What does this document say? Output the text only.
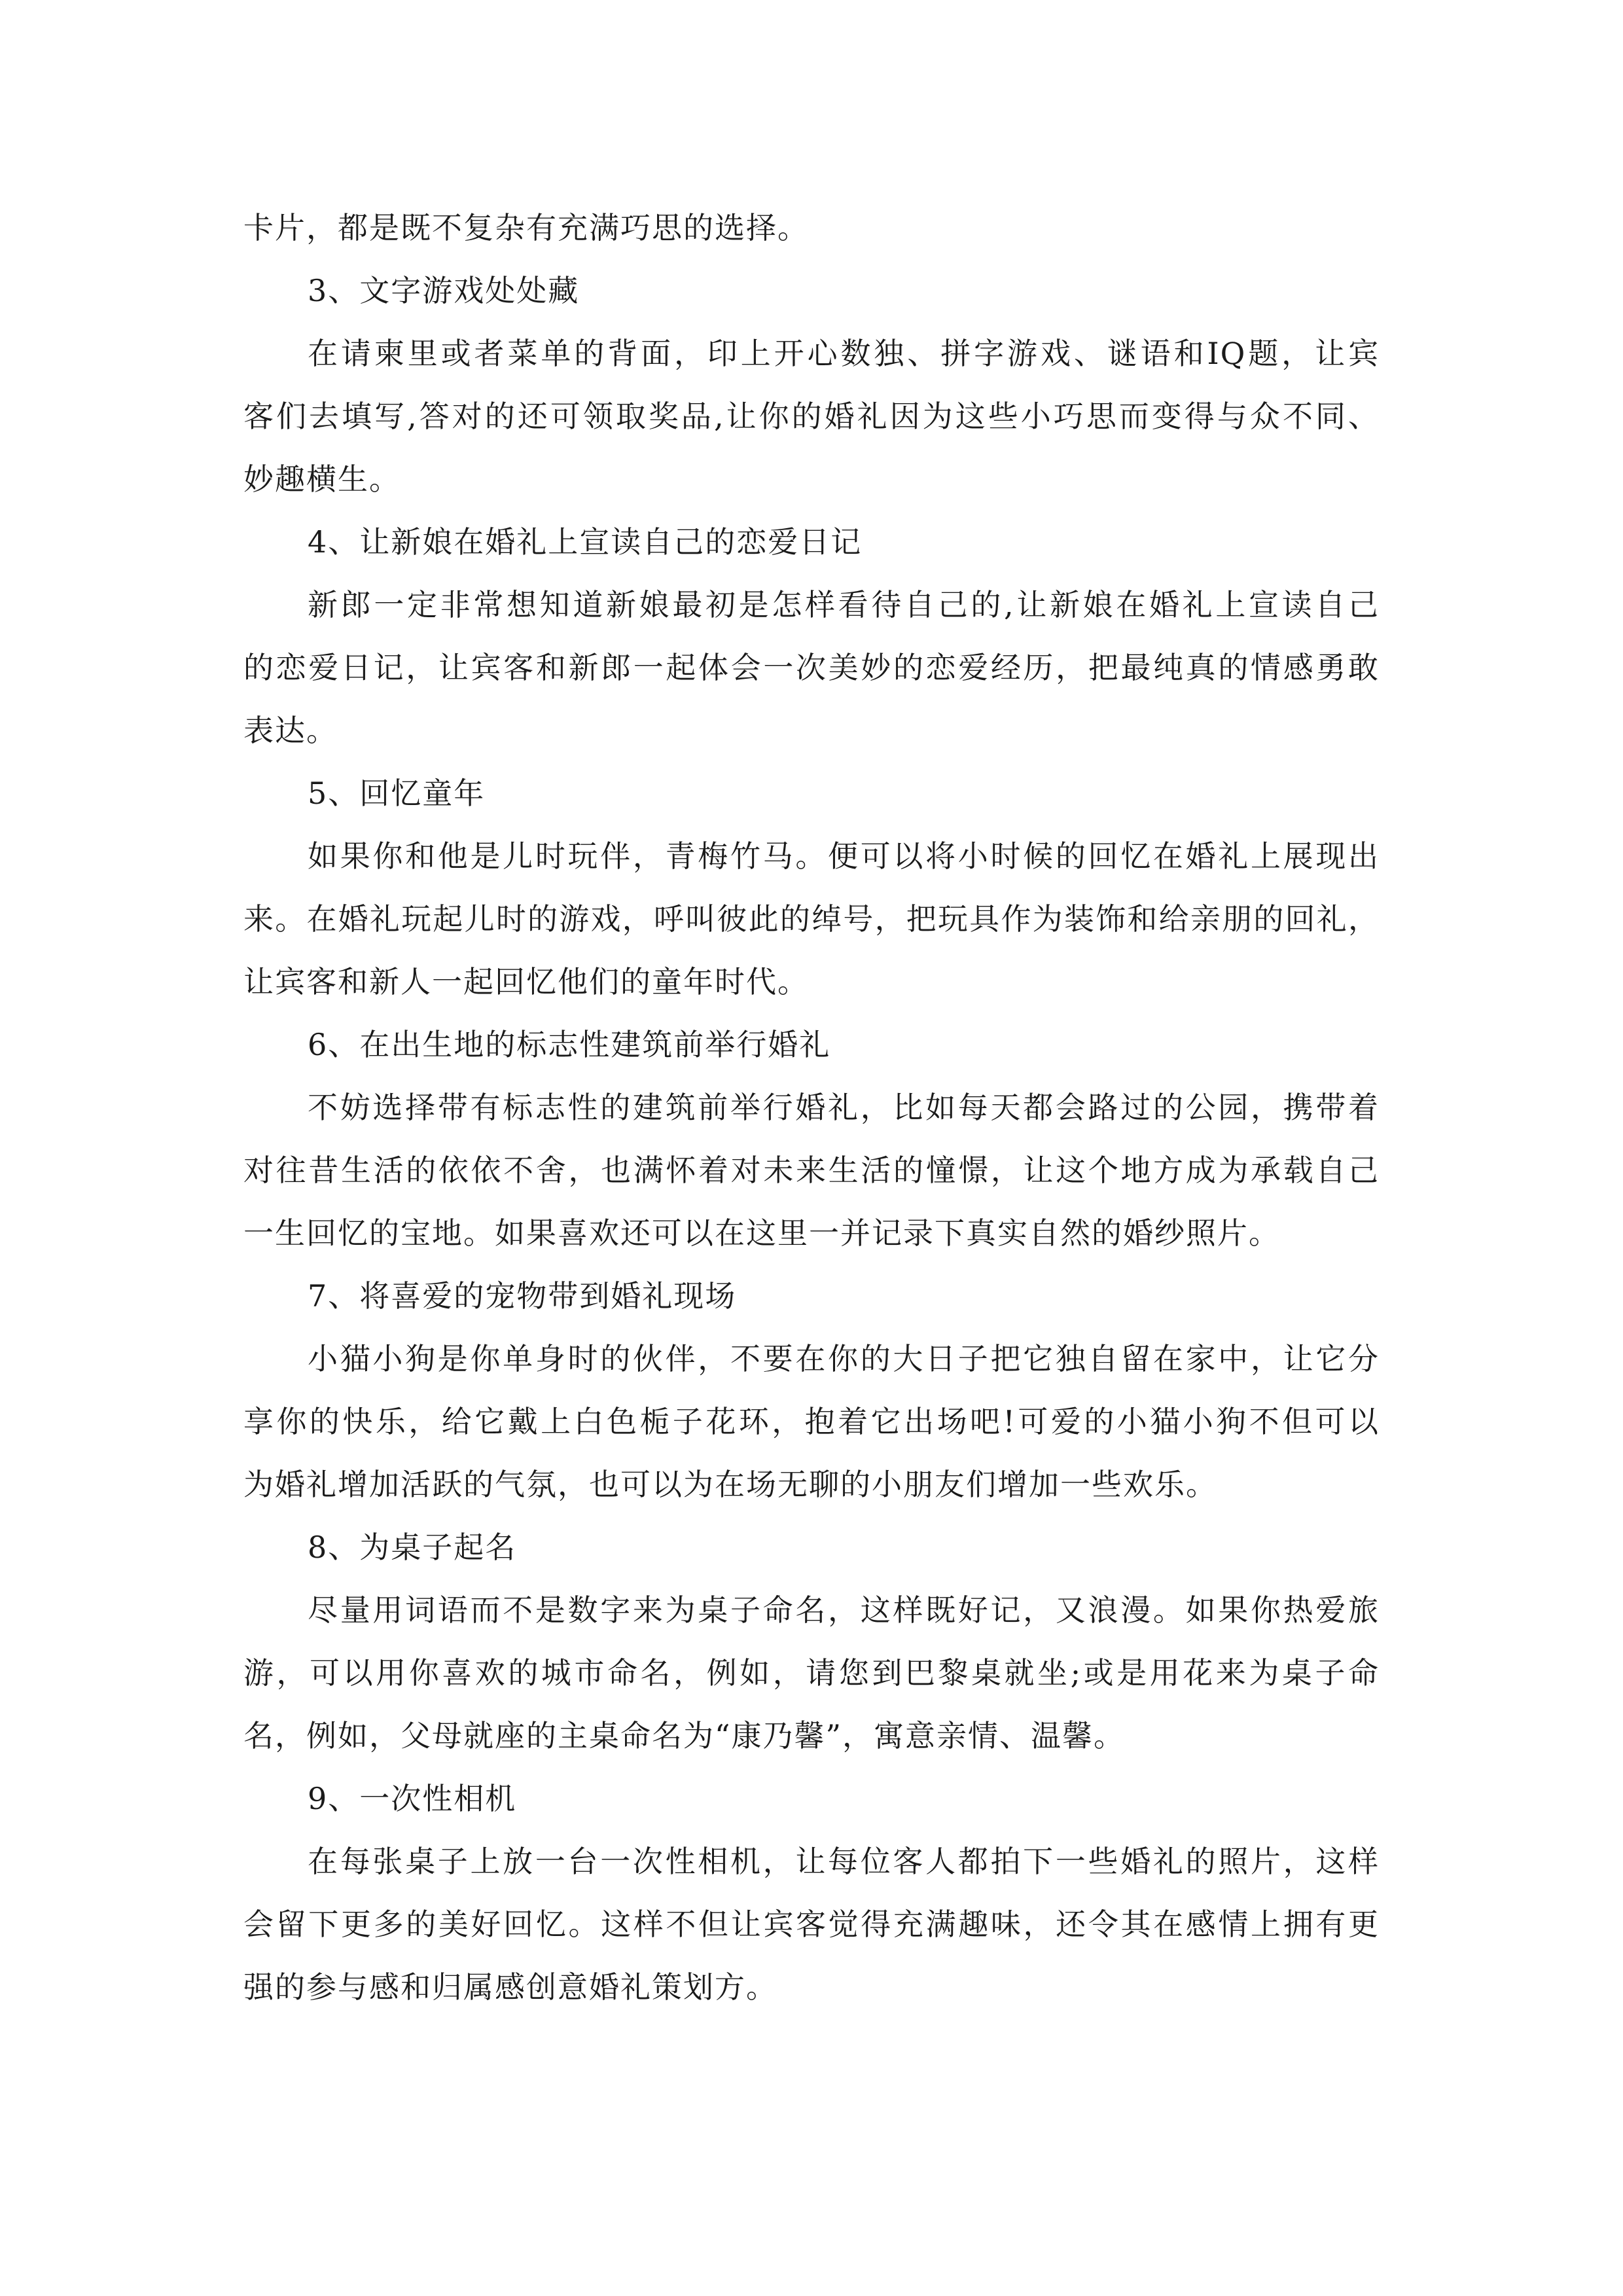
卡片，都是既不复杂有充满巧思的选择。
3、文字游戏处处藏
在请柬里或者菜单的背面，印上开心数独、拼字游戏、谜语和IQ题，让宾
客们去填写,答对的还可领取奖品,让你的婚礼因为这些小巧思而变得与众不同、
妙趣横生。
4、让新娘在婚礼上宣读自己的恋爱日记
新郎一定非常想知道新娘最初是怎样看待自己的,让新娘在婚礼上宣读自己
的恋爱日记，让宾客和新郎一起体会一次美妙的恋爱经历，把最纯真的情感勇敢
表达。
5、回忆童年
如果你和他是儿时玩伴，青梅竹马。便可以将小时候的回忆在婚礼上展现出
来。在婚礼玩起儿时的游戏，呼叫彼此的绰号，把玩具作为装饰和给亲朋的回礼，
让宾客和新人一起回忆他们的童年时代。
6、在出生地的标志性建筑前举行婚礼
不妨选择带有标志性的建筑前举行婚礼，比如每天都会路过的公园，携带着
对往昔生活的依依不舍，也满怀着对未来生活的憧憬，让这个地方成为承载自己
一生回忆的宝地。如果喜欢还可以在这里一并记录下真实自然的婚纱照片。
7、将喜爱的宠物带到婚礼现场
小猫小狗是你单身时的伙伴，不要在你的大日子把它独自留在家中，让它分
享你的快乐，给它戴上白色栀子花环，抱着它出场吧!可爱的小猫小狗不但可以
为婚礼增加活跃的气氛，也可以为在场无聊的小朋友们增加一些欢乐。
8、为桌子起名
尽量用词语而不是数字来为桌子命名，这样既好记，又浪漫。如果你热爱旅
游，可以用你喜欢的城市命名，例如，请您到巴黎桌就坐;或是用花来为桌子命
名，例如，父母就座的主桌命名为“康乃馨”，寓意亲情、温馨。
9、一次性相机
在每张桌子上放一台一次性相机，让每位客人都拍下一些婚礼的照片，这样
会留下更多的美好回忆。这样不但让宾客觉得充满趣味，还令其在感情上拥有更
强的参与感和归属感创意婚礼策划方。
